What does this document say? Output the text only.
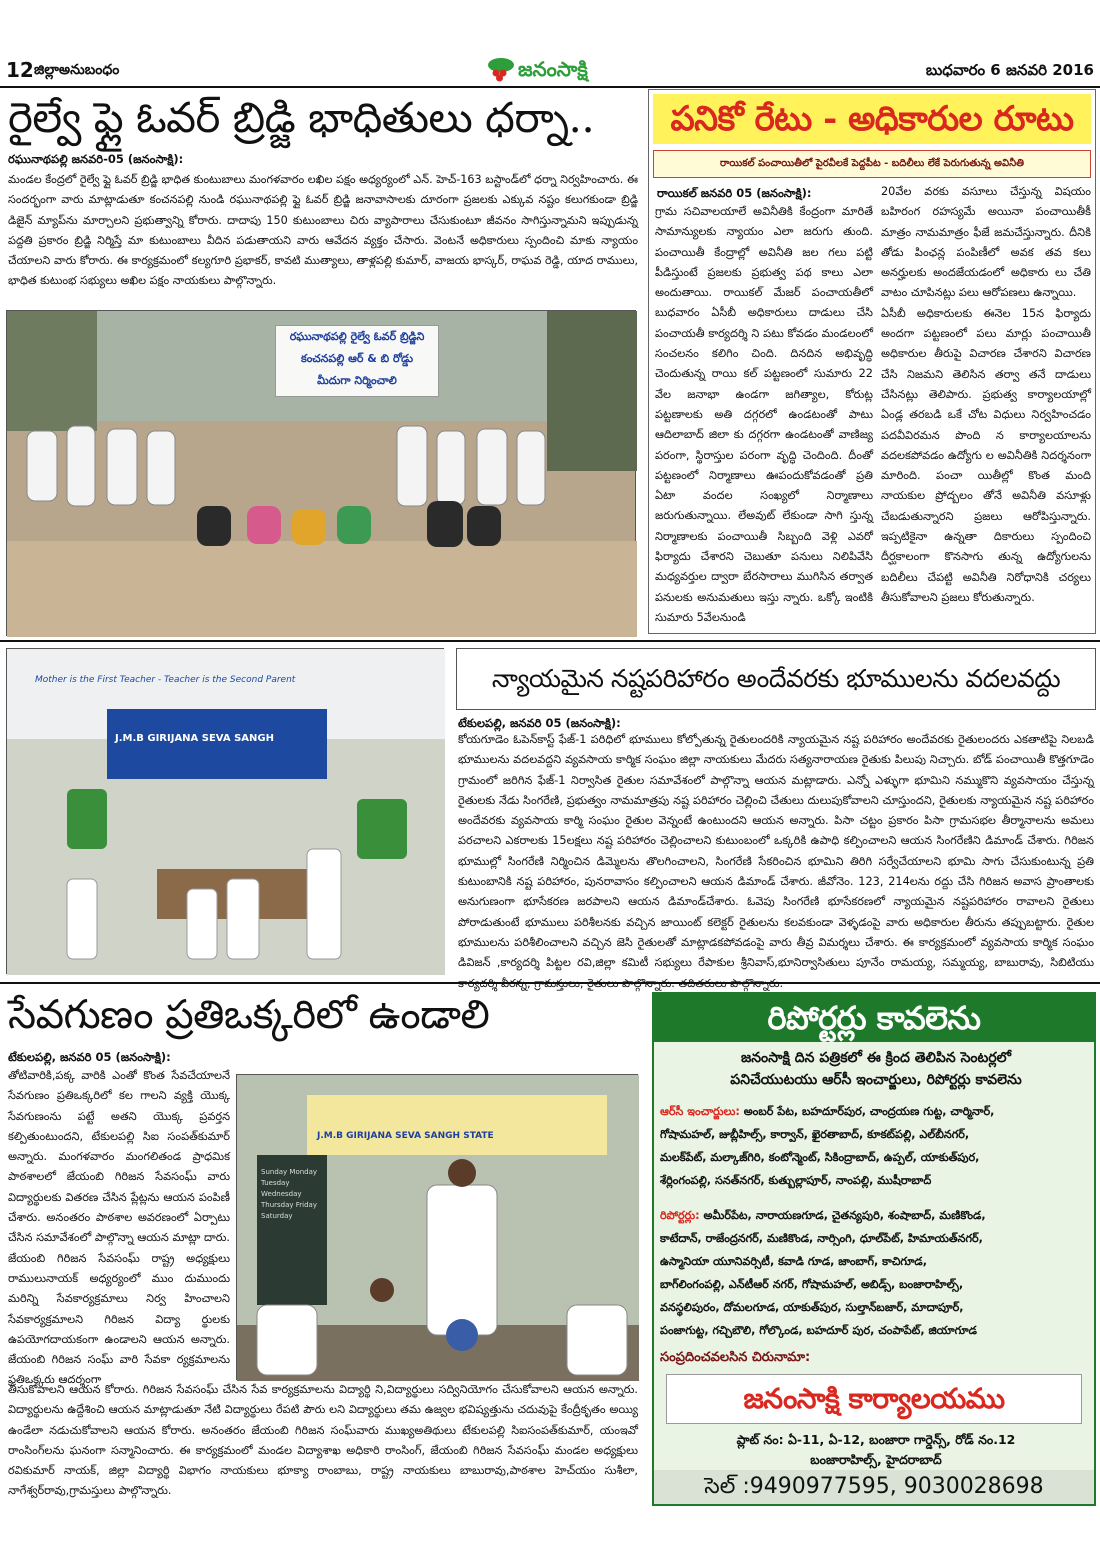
12 జిల్లాఅనుబంధం	జనంసాక్షి	బుధవారం 6 జనవరి 2016
రైల్వే ఫ్లై ఓవర్ బ్రిడ్జి భాధితులు ధర్నా..
రఘునాథపల్లి జనవరి-05 (జనంసాక్షి):
మండల కేంద్రలో రైల్వే ఫ్లై ఓవర్ బ్రిడ్జి భాధిత కుంటుబాలు మంగళవారం లఖిల పక్షం అధ్యర్యంలో ఎన్. హెచ్-163 బస్టాండ్‌లో ధర్నా నిర్వహించారు. ఈ సందర్భంగా వారు మాట్లాడుతూ కంచనపల్లి నుండి రఘునాథపల్లి ఫ్లై ఓవర్ బ్రిడ్జి జనావాసాలకు దూరంగా ప్రజలకు ఎక్కువ నష్టం కలుగకుండా బ్రిడ్జి డిజైన్ మ్యాప్‌ను మార్చాలని ప్రభుత్వాన్ని కోరారు. దాదాపు 150 కుటుంబాలు చిరు వ్యాపారాలు చేసుకుంటూ జీవనం సాగిస్తున్నామని ఇప్పుడున్న పద్దతి ప్రకారం బ్రిడ్జి నిర్మిస్తే మా కుటుంబాలు వీదిన పడుతాయని వారు ఆవేదన వ్యక్తం చేసారు. వెంటనే అధికారులు స్పందించి మాకు న్యాయం చేయాలని వారు కోరారు. ఈ కార్యక్రమంలో కల్యగూరి ప్రభాకర్, కావటి ముత్యాలు, తాళ్లపల్లి కుమార్, వాజయ భాస్కర్, రాఘవ రెడ్డి, యాద రాములు, భాధిత కుటుంభ సభ్యులు అఖిల పక్షం నాయకులు పాల్గొన్నారు.
రఘునాథపల్లి రైల్వే ఓవర్ బ్రిడ్జిని
కంచనపల్లి ఆర్ & బి రోడ్డు
మీదుగా నిర్మించాలి
పనికో రేటు - అధికారుల రూటు
రాయికల్ పంచాయితీలో పైరవీలకే పెద్దపీట - బదిలీలు లేకే పెరుగుతున్న అవినీతి
రాయికల్ జనవరి 05 (జనంసాక్షి):
గ్రామ సచివాలయాలే అవినీతికి కేంద్రంగా మారితే సామాన్యులకు న్యాయం ఎలా జరుగు తుంది. పంచాయితీ కేంద్రాల్లో అవినీతి జల గలు పట్టి పీడిస్తుంటే ప్రజలకు ప్రభుత్వ పథ కాలు ఎలా అందుతాయి. రాయికల్ మేజర్ పంచాయతీలో బుధవారం ఏసీబీ అధికారులు దాడులు చేసి పంచాయతీ కార్యదర్శి ని పటు కోవడం మండలంలో సంచలనం కలిగిం చింది. దినదిన అభివృద్ధి చెందుతున్న రాయి కల్ పట్టణంలో సుమారు 22 వేల జనాభా ఉండగా జగిత్యాల, కోరుట్ల పట్టణాలకు అతి దగ్గరలో ఉండటంతో పాటు ఆదిలాబాద్ జిలా కు దగ్గరగా ఉండటంతో వాణిజ్య పరంగా, స్థిరాస్తుల పరంగా వృద్ధి చెందింది. దీంతో పట్టణంలో నిర్మాణాలు ఊపందుకోవడంతో ప్రతి ఏటా వందల సంఖ్యలో నిర్మాణాలు జరుగుతున్నాయి. లేఅవుట్ లేకుండా సాగి స్తున్న నిర్మాణాలకు పంచాయితీ సిబ్బంది వెళ్లి ఎవరో ఫిర్యాదు చేశారని చెబుతూ పనులు నిలిపివేసి మధ్యవర్తుల ద్వారా బేరసారాలు ముగిసిన తర్వాత పనులకు అనుమతులు ఇస్తు న్నారు. ఒక్కో ఇంటికి సుమారు 5వేలనుండి
20వేల వరకు వసూలు చేస్తున్న విషయం బహిరంగ రహస్యమే అయినా పంచాయితీకీ మాత్రం నామమాత్రం ఫీజే జమచేస్తున్నారు. దీనికి తోడు పింఛన్ల పంపిణీలో అవక తవ కలు అనర్హులకు అందజేయడంలో అధికారు లు చేతి వాటం చూపినట్లు పలు ఆరోపణలు ఉన్నాయి.
ఏసీబీ అధికారులకు ఈనెల 15న ఫిర్యాదు అందగా పట్టణంలో పలు మార్లు పంచాయితీ అధికారుల తీరుపై విచారణ చేశారని విచారణ చేసి నిజమని తెలిసిన తర్వా తనే దాడులు చేసినట్లు తెలిపారు. ప్రభుత్వ కార్యాలయాల్లో ఏండ్ల తరబడి ఒకే చోట విధులు నిర్వహించడం పదవీవిరమన పొంది న కార్యాలయాలను వదలకపోవడం ఉద్యోగు ల అవినీతికి నిదర్శనంగా మారింది. పంచా యితీల్లో కొంత మంది నాయకుల ప్రోద్బలం తోనే అవినీతి వసూళ్లు చేబడుతున్నారని ప్రజలు ఆరోపిస్తున్నారు. ఇప్పటికైనా ఉన్నతా దికారులు స్పందించి దీర్ఘకాలంగా కొనసాగు తున్న ఉద్యోగులను బదిలీలు చేపట్టి అవినీతి నిరోధానికి చర్యలు తీసుకోవాలని ప్రజలు కోరుతున్నారు.
Mother is the First Teacher - Teacher is the Second Parent
J.M.B GIRIJANA SEVA SANGH
న్యాయమైన నష్టపరిహారం అందేవరకు భూములను వదలవద్దు
టేకులపల్లి, జనవరి 05 (జనంసాక్షి):
కోయగూడెం ఓపెన్‌కాస్ట్ ఫేజ్-1 పరిధిలో భూములు కోల్పోతున్న రైతులందరికి న్యాయమైన నష్ట పరిహారం అందేవరకు రైతులందరు ఎకతాటిపై నిలబడి భూములను వదలవద్దని వ్యవసాయ కార్మిక సంఘం జిల్లా నాయకులు మేదరు సత్యనారాయణ రైతుకు పిలుపు నిచ్చారు. బోడ్ పంచాయితీ కొత్తగూడెం గ్రామంలో జరిగిన ఫేజ్-1 నిర్వాసిత రైతుల సమావేశంలో పాల్గొన్నా ఆయన మట్లాడారు. ఎన్నో ఎళ్ళుగా భూమిని నమ్ముకొని వ్యవసాయం చేస్తున్న రైతులకు నేడు సింగరేణి, ప్రభుత్వం నామమాత్రపు నష్ట పరిహారం చెల్లించి చేతులు దులుపుకోవాలని చూస్తుందని, రైతులకు న్యాయమైన నష్ట పరిహారం అందేవరకు వ్యవసాయ కార్మి సంఘం రైతుల వెన్నంటే ఉంటుందని ఆయన అన్నారు. పిసా చట్టం ప్రకారం పిసా గ్రామసభల తీర్మానాలను అమలు పరచాలని ఎకరాలకు 15లక్షలు నష్ట పరిహారం చెల్లించాలని కుటుంబంలో ఒక్కరికి ఉపాధి కల్పించాలని ఆయన సింగరేణిని డిమాండ్ చేశారు. గిరిజన భూముల్లో సింగరేణి నిర్మించిన డిమ్మెలను తొలగించాలని, సింగరేణి సేకరించిన భూమిని తిరిగి సర్వేచేయాలని భూమి సాగు చేసుకుంటున్న ప్రతి కుటుంబానికి నష్ట పరిహారం, పునరావాసం కల్పించాలని ఆయన డిమాండ్ చేశారు. జీవోనెం. 123, 214లను రద్దు చేసి గిరిజన అవాస ప్రాంతాలకు అనుగుణంగా భూసేకరణ జరపాలని ఆయన డిమాండ్‌చేశారు. ఓవెపు సింగరేణి భూసేకరణలో న్యాయమైన నష్టపరిహారం రావాలని రైతులు పోరాడుతుంటే భూములు పరిశీలనకు వచ్చిన జాయింట్ కలెక్టర్ రైతులను కలవకుండా వెళ్ళడంపై వారు అధికారుల తీరును తప్పుబట్టారు. రైతుల భూములను పరిశీలించాలని వచ్చిన జెసి రైతులతో మాట్లాడకపోవడంపై వారు తీవ్ర విమర్శలు చేశారు. ఈ కార్యక్రమంలో వ్యవసాయ కార్మిక సంఘం డివిజన్ ,కార్యదర్శి పిట్టల రవి,జిల్లా కమిటీ సభ్యులు రేపాకుల శ్రీనివాస్,భూనిర్వాసితులు పూనేం రామయ్య, సమ్మయ్య, బాబురావు, సిబిటియు
సేవగుణం ప్రతిఒక్కరిలో ఉండాలి
టేకులపల్లి, జనవరి 05 (జనంసాక్షి):
తోటివారికి,పక్క వారికి ఎంతో కొంత సేవచేయాలనే సేవగుణం ప్రతిఒక్కరిలో కల గాలని వ్యక్తి యొక్క సేవగుణంను పట్టే అతని యొక్క ప్రవర్తన కల్పితుంటుందని, టేకులపల్లి సిఐ సంపత్‌కుమార్ అన్నారు. మంగళవారం మంగలితండ ప్రాధమిక పాఠశాలలో జేయంబి గిరిజన సేవసంఘ్ వారు విద్యార్థులకు వితరణ చేసిన ప్లేట్లను ఆయన పంపిణీ చేశారు. అనంతరం పాఠశాల అవరణంలో ఏర్పాటు చేసిన సమావేశంలో పాల్గొన్నా ఆయన మాట్లా దారు. జేయంబి గిరిజన సేవసంఘ్ రాష్ట్ర అధ్యక్షులు రాములునాయక్ అధ్యర్యంలో ముం దుముందు మరిన్ని సేవకార్యక్రమాలు నిర్వ హించాలని సేవకార్యక్రమాలని గిరిజన విద్యా ర్థులకు ఉపయోగదాయకంగా ఉండాలని ఆయన అన్నారు. జేయంబి గిరిజన సంఘ్ వారి సేవకా ర్యక్రమాలను ప్రతిఒక్కరు ఆదర్శంగా
J.M.B GIRIJANA SEVA SANGH STATE
Sunday Monday Tuesday Wednesday Thursday Friday Saturday
తీసుకోవాలని ఆయన కోరారు. గిరిజన సేవసంఘ్ చేసిన సేవ కార్యక్రమాలను విద్యార్థి ని,విద్యార్థులు సద్వినియోగం చేసుకోవాలని ఆయన అన్నారు. విద్యార్థులను ఉద్దేశించి ఆయన మాట్లాడుతూ నేటి విద్యార్థులు రేపటి పౌరు లని విద్యార్థులు తమ ఉజ్వల భవిష్యత్తును చదువుపై కేంద్రీకృతం అయ్యి ఉండేలా నడుచుకోవాలని ఆయన కోరారు. అనంతరం జేయంబి గిరిజన సంఘ్‌వారు ముఖ్యఅతిథులు టేకులపల్లి సిఐసంపత్‌కుమార్, యంఇవో రాంసింగ్‌లను ఘనంగా సన్మానించారు. ఈ కార్యక్రమంలో మండల విద్యాశాఖ అధికారి రాంసింగ్, జేయంబి గిరిజన సేవసంఘ్ మండల అధ్యక్షులు రవికుమార్ నాయక్, జిల్లా విద్యార్థి విభాగం నాయకులు భూక్యా రాంబాబు, రాష్ట్ర నాయకులు బాబురావు,పాఠశాల హెచ్‌యం సుశీలా, నాగేశ్వర్‌రావు,గ్రామస్తులు పాల్గొన్నారు.
రిపోర్టర్లు కావలెను
జనంసాక్షి దిన పత్రికలో ఈ క్రింద తెలిపిన సెంటర్లలో
పనిచేయుటయు ఆర్‌సీ ఇంచార్జులు, రిపోర్టర్లు కావలెను
ఆర్‌సీ ఇంచార్జులు: అంబర్ పేట, బహదూర్‌పుర, చాంద్రయణ గుట్ట, చార్మినార్,
గోషామహల్, జుబ్లీహిల్స్, కార్వాన్, ఖైరతాబాద్, కూకట్‌పల్లి, ఎల్‌బీనగర్,
మలక్‌పేట్, మల్కాజ్‌గిరి, కంటోన్మెంట్, సికింద్రాబాద్, ఉప్పల్, యాకుత్‌పుర,
శేర్లింగంపల్లి, సనత్‌నగర్, కుత్బుల్లాపూర్, నాంపల్లి, ముషీరాబాద్
రిపోర్టర్లు: అమీర్‌పేట, నారాయణగూడ, చైతన్యపురి, శంషాబాద్, మణికొండ,
కాటేదాన్, రాజేంద్రనగర్, మణికొండ, నార్సింగి, ధూల్‌పేట్, హిమాయత్‌నగర్,
ఉస్మానియా యూనివర్సిటీ, కవాడి గూడ, జాంబాగ్, కాచిగూడ,
బాగ్‌లింగంపల్లి, ఎన్‌టీఆర్ నగర్, గోషామహల్, అబిడ్స్, బంజారాహిల్స్,
వనస్థలిపురం, దోమలగూడ, యాకుత్‌పుర, సుల్తాన్‌బజార్, మాదాపూర్,
పంజాగుట్ట, గచ్చిబౌలి, గోల్కొండ, బహదూర్ పుర, చంపాపేట్, జియాగూడ
సంప్రదించవలసిన చిరునామా:
జనంసాక్షి కార్యాలయము
ప్లాట్ నం: ఏ-11, ఏ-12, బంజారా గార్డెన్స్, రోడ్ నం.12
బంజారాహిల్స్, హైదరాబాద్
సెల్ :9490977595, 9030028698
